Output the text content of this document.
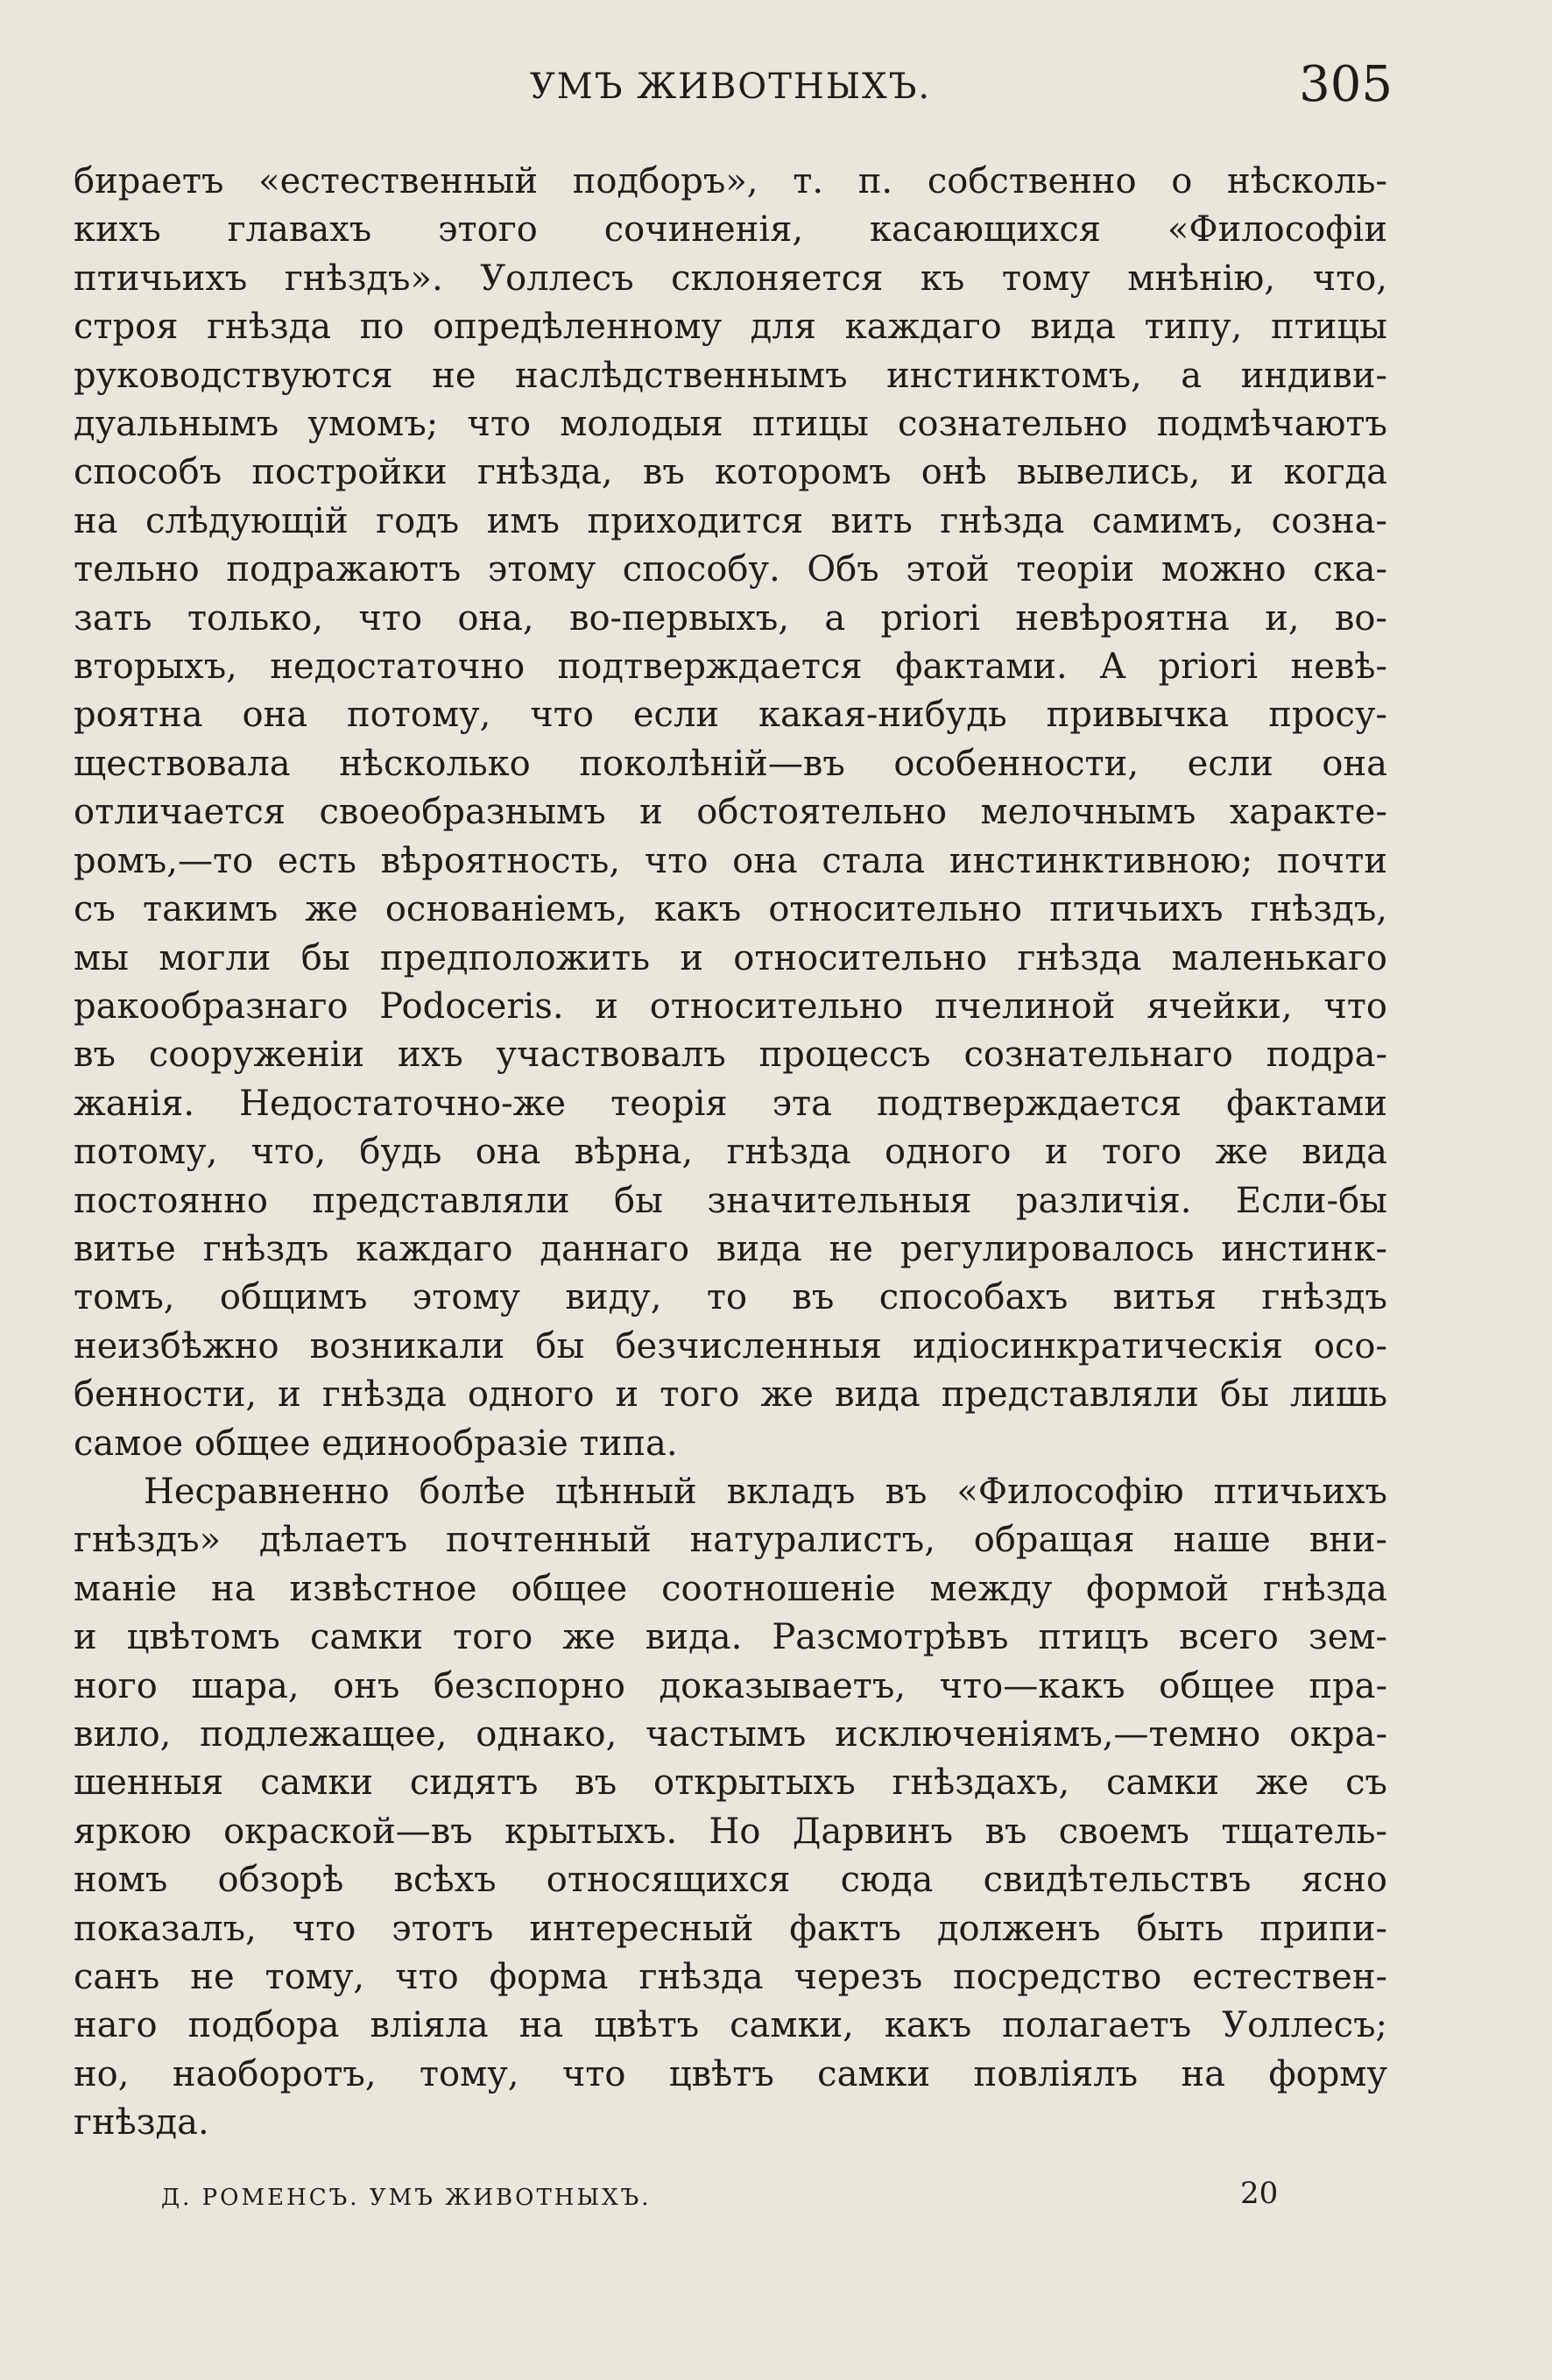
УМЪ ЖИВОТНЫХЪ.	305

бираетъ «естественный подборъ», т. п. собственно о нѣсколь-
кихъ главахъ этого сочиненія, касающихся «Философіи
птичьихъ гнѣздъ». Уоллесъ склоняется къ тому мнѣнію, что,
строя гнѣзда по опредѣленному для каждаго вида типу, птицы
руководствуются не наслѣдственнымъ инстинктомъ, а индиви-
дуальнымъ умомъ; что молодыя птицы сознательно подмѣчаютъ
способъ постройки гнѣзда, въ которомъ онѣ вывелись, и когда
на слѣдующій годъ имъ приходится вить гнѣзда самимъ, созна-
тельно подражаютъ этому способу. Объ этой теоріи можно ска-
зать только, что она, во-первыхъ, a priori невѣроятна и, во-
вторыхъ, недостаточно подтверждается фактами. A priori невѣ-
роятна она потому, что если какая-нибудь привычка просу-
ществовала нѣсколько поколѣній—въ особенности, если она
отличается своеобразнымъ и обстоятельно мелочнымъ характе-
ромъ,—то есть вѣроятность, что она стала инстинктивною; почти
съ такимъ же основаніемъ, какъ относительно птичьихъ гнѣздъ,
мы могли бы предположить и относительно гнѣзда маленькаго
ракообразнаго Podoceris. и относительно пчелиной ячейки, что
въ сооруженіи ихъ участвовалъ процессъ сознательнаго подра-
жанія. Недостаточно-же теорія эта подтверждается фактами
потому, что, будь она вѣрна, гнѣзда одного и того же вида
постоянно представляли бы значительныя различія. Если-бы
витье гнѣздъ каждаго даннаго вида не регулировалось инстинк-
томъ, общимъ этому виду, то въ способахъ витья гнѣздъ
неизбѣжно возникали бы безчисленныя идіосинкратическія осо-
бенности, и гнѣзда одного и того же вида представляли бы лишь
самое общее единообразіе типа.

Несравненно болѣе цѣнный вкладъ въ «Философію птичьихъ
гнѣздъ» дѣлаетъ почтенный натуралистъ, обращая наше вни-
маніе на извѣстное общее соотношеніе между формой гнѣзда
и цвѣтомъ самки того же вида. Разсмотрѣвъ птицъ всего зем-
ного шара, онъ безспорно доказываетъ, что—какъ общее пра-
вило, подлежащее, однако, частымъ исключеніямъ,—темно окра-
шенныя самки сидятъ въ открытыхъ гнѣздахъ, самки же съ
яркою окраской—въ крытыхъ. Но Дарвинъ въ своемъ тщатель-
номъ обзорѣ всѣхъ относящихся сюда свидѣтельствъ ясно
показалъ, что этотъ интересный фактъ долженъ быть припи-
санъ не тому, что форма гнѣзда черезъ посредство естествен-
наго подбора вліяла на цвѣтъ самки, какъ полагаетъ Уоллесъ;
но, наоборотъ, тому, что цвѣтъ самки повліялъ на форму
гнѣзда.

Д. РОМЕНСЪ. УМЪ ЖИВОТНЫХЪ.	20
